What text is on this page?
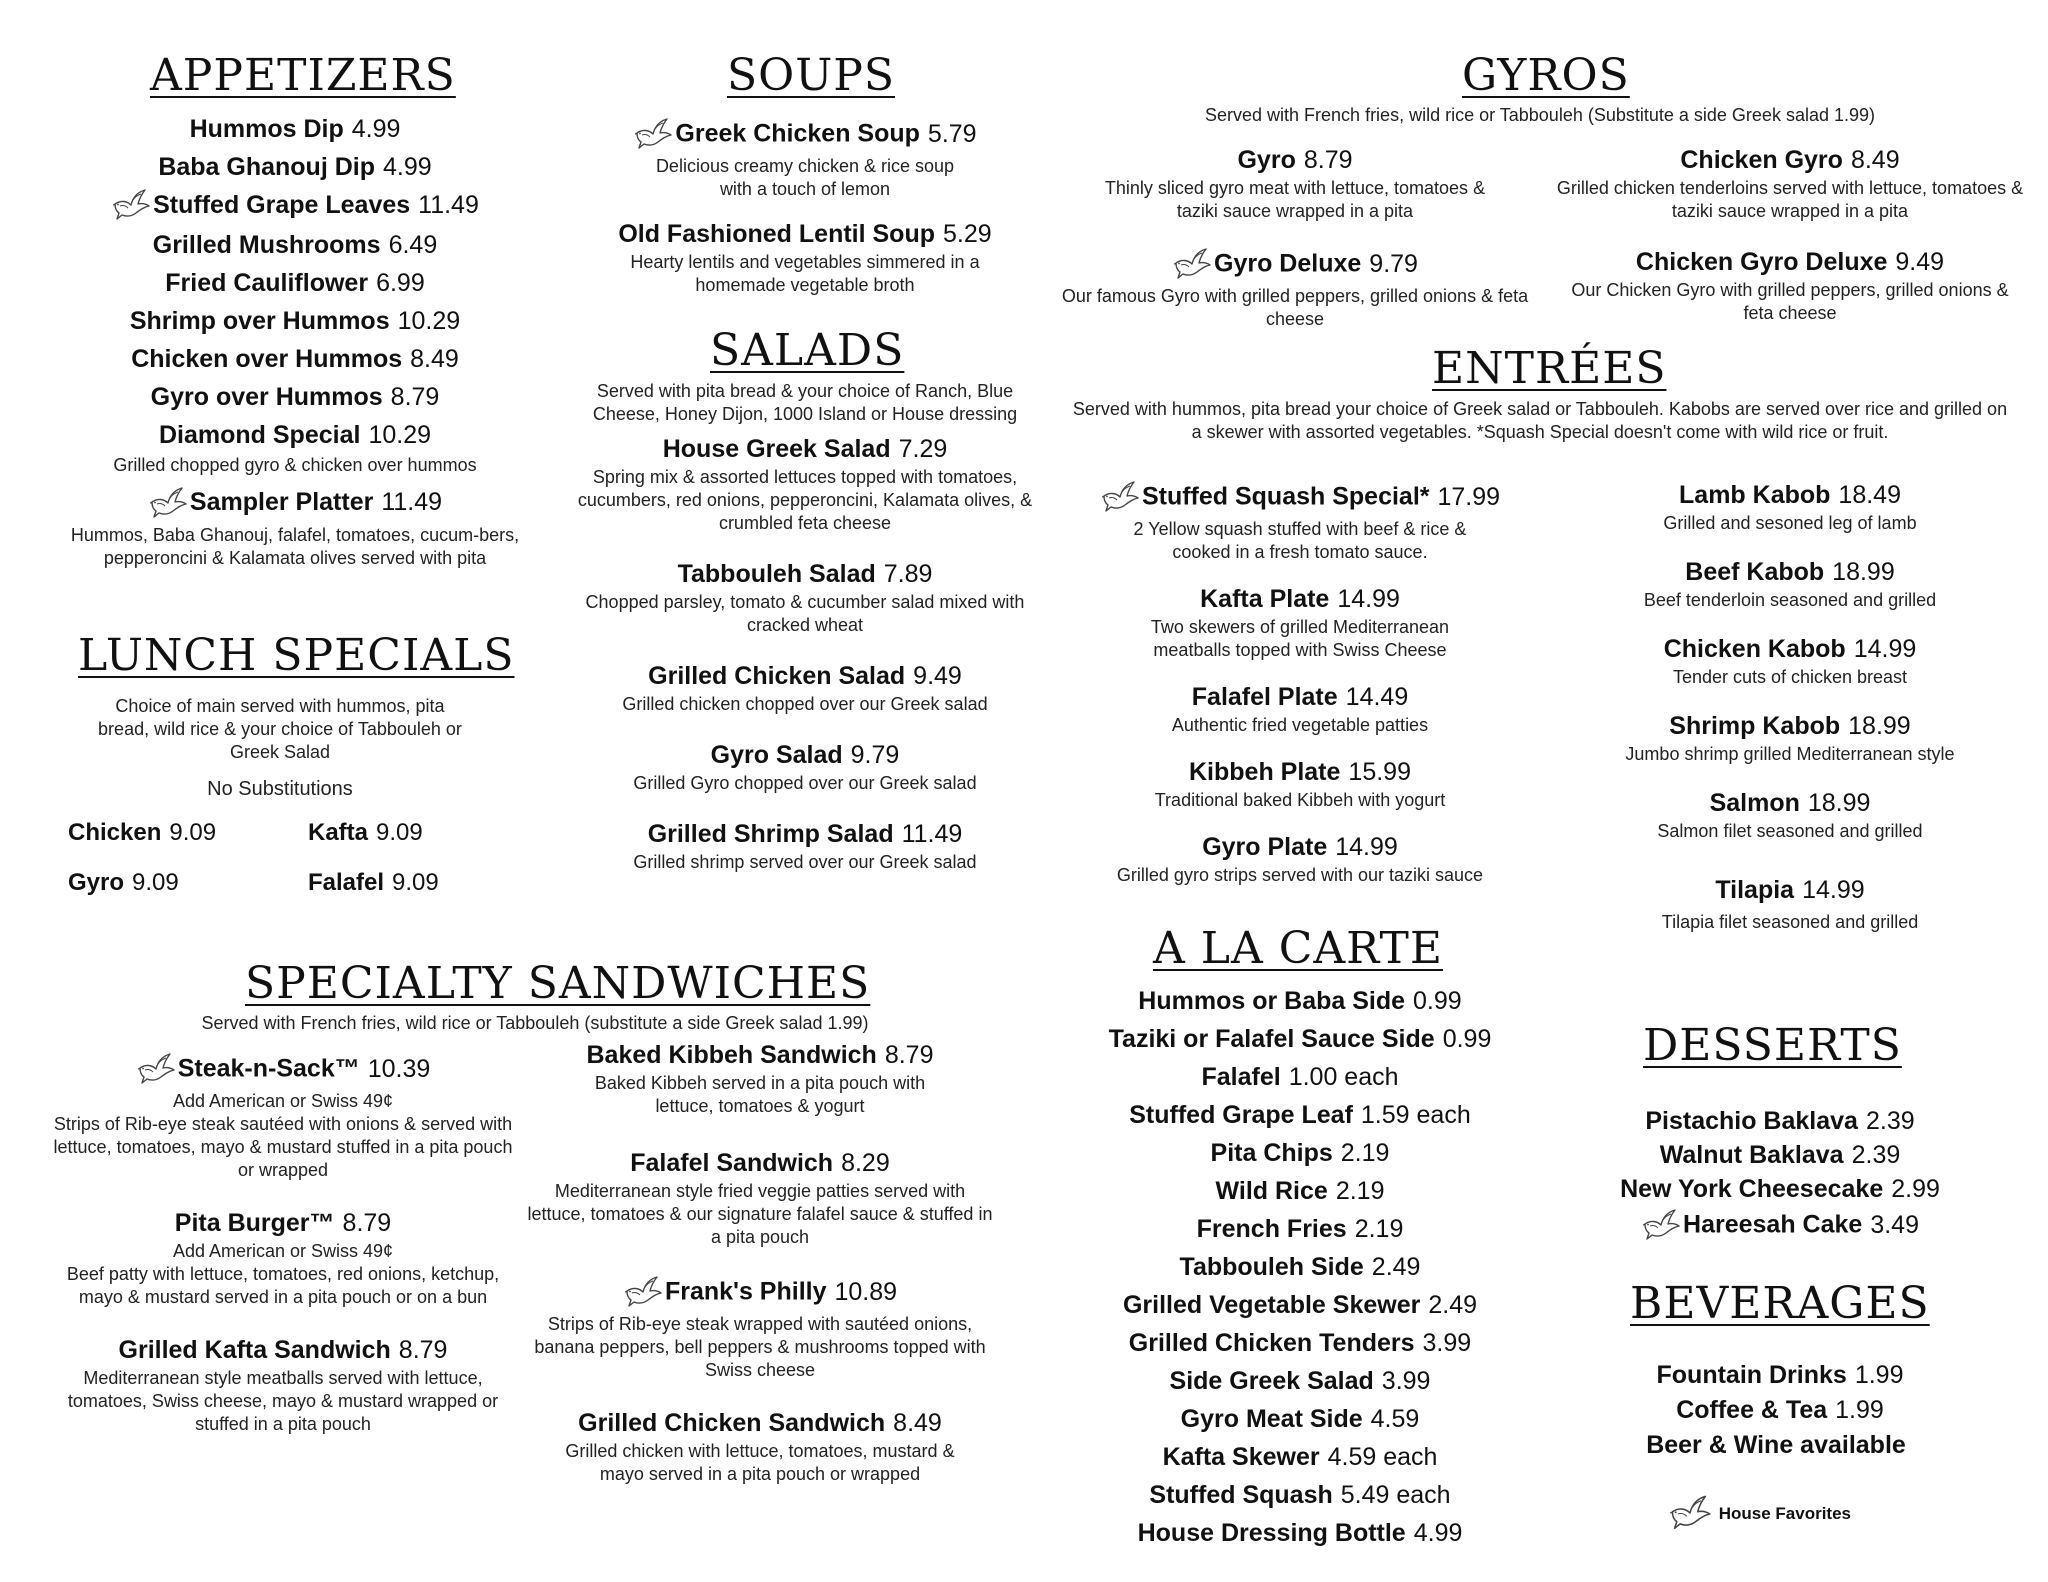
APPETIZERS
Hummos Dip 4.99
Baba Ghanouj Dip 4.99
Stuffed Grape Leaves 11.49
Grilled Mushrooms 6.49
Fried Cauliflower 6.99
Shrimp over Hummos 10.29
Chicken over Hummos 8.49
Gyro over Hummos 8.79
Diamond Special 10.29
Grilled chopped gyro & chicken over hummos
Sampler Platter 11.49
Hummos, Baba Ghanouj, falafel, tomatoes, cucum-bers, pepperoncini & Kalamata olives served with pita
LUNCH SPECIALS
Choice of main served with hummos, pita bread, wild rice & your choice of Tabbouleh or Greek Salad
No Substitutions
Chicken 9.09	Kafta 9.09
Gyro 9.09	Falafel 9.09
SOUPS
Greek Chicken Soup 5.79
Delicious creamy chicken & rice soup with a touch of lemon
Old Fashioned Lentil Soup 5.29
Hearty lentils and vegetables simmered in a homemade vegetable broth
SALADS
Served with pita bread & your choice of Ranch, Blue Cheese, Honey Dijon, 1000 Island or House dressing
House Greek Salad 7.29
Spring mix & assorted lettuces topped with tomatoes, cucumbers, red onions, pepperoncini, Kalamata olives, & crumbled feta cheese
Tabbouleh Salad 7.89
Chopped parsley, tomato & cucumber salad mixed with cracked wheat
Grilled Chicken Salad 9.49
Grilled chicken chopped over our Greek salad
Gyro Salad 9.79
Grilled Gyro chopped over our Greek salad
Grilled Shrimp Salad 11.49
Grilled shrimp served over our Greek salad
SPECIALTY SANDWICHES
Served with French fries, wild rice or Tabbouleh (substitute a side Greek salad 1.99)
Steak-n-Sack™ 10.39
Add American or Swiss 49¢
Strips of Rib-eye steak sautéed with onions & served with lettuce, tomatoes, mayo & mustard stuffed in a pita pouch or wrapped
Pita Burger™ 8.79
Add American or Swiss 49¢
Beef patty with lettuce, tomatoes, red onions, ketchup, mayo & mustard served in a pita pouch or on a bun
Grilled Kafta Sandwich 8.79
Mediterranean style meatballs served with lettuce, tomatoes, Swiss cheese, mayo & mustard wrapped or stuffed in a pita pouch
Baked Kibbeh Sandwich 8.79
Baked Kibbeh served in a pita pouch with lettuce, tomatoes & yogurt
Falafel Sandwich 8.29
Mediterranean style fried veggie patties served with lettuce, tomatoes & our signature falafel sauce & stuffed in a pita pouch
Frank's Philly 10.89
Strips of Rib-eye steak wrapped with sautéed onions, banana peppers, bell peppers & mushrooms topped with Swiss cheese
Grilled Chicken Sandwich 8.49
Grilled chicken with lettuce, tomatoes, mustard & mayo served in a pita pouch or wrapped
GYROS
Served with French fries, wild rice or Tabbouleh (Substitute a side Greek salad 1.99)
Gyro 8.79
Thinly sliced gyro meat with lettuce, tomatoes & taziki sauce wrapped in a pita
Gyro Deluxe 9.79
Our famous Gyro with grilled peppers, grilled onions & feta cheese
Chicken Gyro 8.49
Grilled chicken tenderloins served with lettuce, tomatoes & taziki sauce wrapped in a pita
Chicken Gyro Deluxe 9.49
Our Chicken Gyro with grilled peppers, grilled onions & feta cheese
ENTRÉES
Served with hummos, pita bread your choice of Greek salad or Tabbouleh. Kabobs are served over rice and grilled on a skewer with assorted vegetables. *Squash Special doesn't come with wild rice or fruit.
Stuffed Squash Special* 17.99
2 Yellow squash stuffed with beef & rice & cooked in a fresh tomato sauce.
Kafta Plate 14.99
Two skewers of grilled Mediterranean meatballs topped with Swiss Cheese
Falafel Plate 14.49
Authentic fried vegetable patties
Kibbeh Plate 15.99
Traditional baked Kibbeh with yogurt
Gyro Plate 14.99
Grilled gyro strips served with our taziki sauce
Lamb Kabob 18.49
Grilled and sesoned leg of lamb
Beef Kabob 18.99
Beef tenderloin seasoned and grilled
Chicken Kabob 14.99
Tender cuts of chicken breast
Shrimp Kabob 18.99
Jumbo shrimp grilled Mediterranean style
Salmon 18.99
Salmon filet seasoned and grilled
Tilapia 14.99
Tilapia filet seasoned and grilled
A LA CARTE
Hummos or Baba Side 0.99
Taziki or Falafel Sauce Side 0.99
Falafel 1.00 each
Stuffed Grape Leaf 1.59 each
Pita Chips 2.19
Wild Rice 2.19
French Fries 2.19
Tabbouleh Side 2.49
Grilled Vegetable Skewer 2.49
Grilled Chicken Tenders 3.99
Side Greek Salad 3.99
Gyro Meat Side 4.59
Kafta Skewer 4.59 each
Stuffed Squash 5.49 each
House Dressing Bottle 4.99
DESSERTS
Pistachio Baklava 2.39
Walnut Baklava 2.39
New York Cheesecake 2.99
Hareesah Cake 3.49
BEVERAGES
Fountain Drinks 1.99
Coffee & Tea 1.99
Beer & Wine available
House Favorites
